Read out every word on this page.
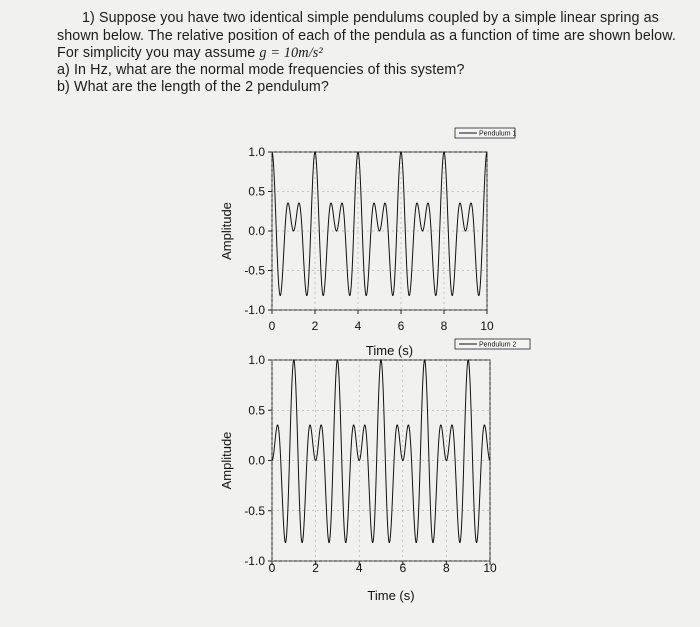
1) Suppose you have two identical simple pendulums coupled by a simple linear spring as
shown below. The relative position of each of the pendula as a function of time are shown below.
For simplicity you may assume g = 10m/s²
a) In Hz, what are the normal mode frequencies of this system?
b) What are the length of the 2 pendulum?
1.0
0.5
0.0
-0.5
-1.0
0	2	4	6	8	10
Amplitude
Time (s)
Pendulum 1
1.0
0.5
0.0
-0.5
-1.0 0	2	4	6	8	10
Amplitude
Time (s)
Pendulum 2
